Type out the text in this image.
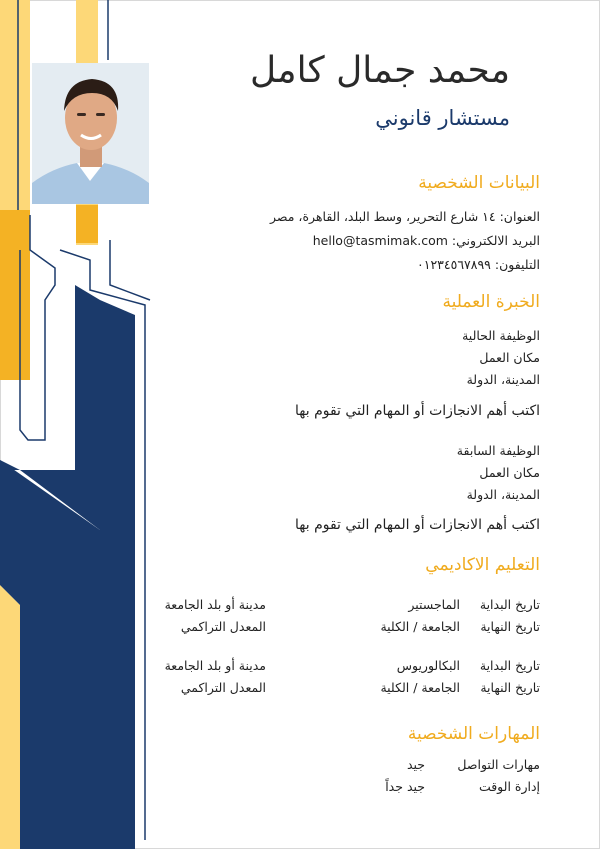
محمد جمال كامل
مستشار قانوني
البيانات الشخصية
العنوان: ١٤ شارع التحرير، وسط البلد، القاهرة، مصر
البريد الالكتروني: hello@tasmimak.com
التليفون: ٠١٢٣٤٥٦٧٨٩٩
الخبرة العملية
الوظيفة الحالية
مكان العمل
المدينة، الدولة
اكتب أهم الانجازات أو المهام التي تقوم بها
الوظيفة السابقة
مكان العمل
المدينة، الدولة
اكتب أهم الانجازات أو المهام التي تقوم بها
التعليم الاكاديمي
تاريخ البداية
الماجستير
مدينة أو بلد الجامعة
تاريخ النهاية
الجامعة / الكلية
المعدل التراكمي
تاريخ البداية
البكالوريوس
مدينة أو بلد الجامعة
تاريخ النهاية
الجامعة / الكلية
المعدل التراكمي
المهارات الشخصية
مهارات التواصل
جيد
إدارة الوقت
جيد جداً
